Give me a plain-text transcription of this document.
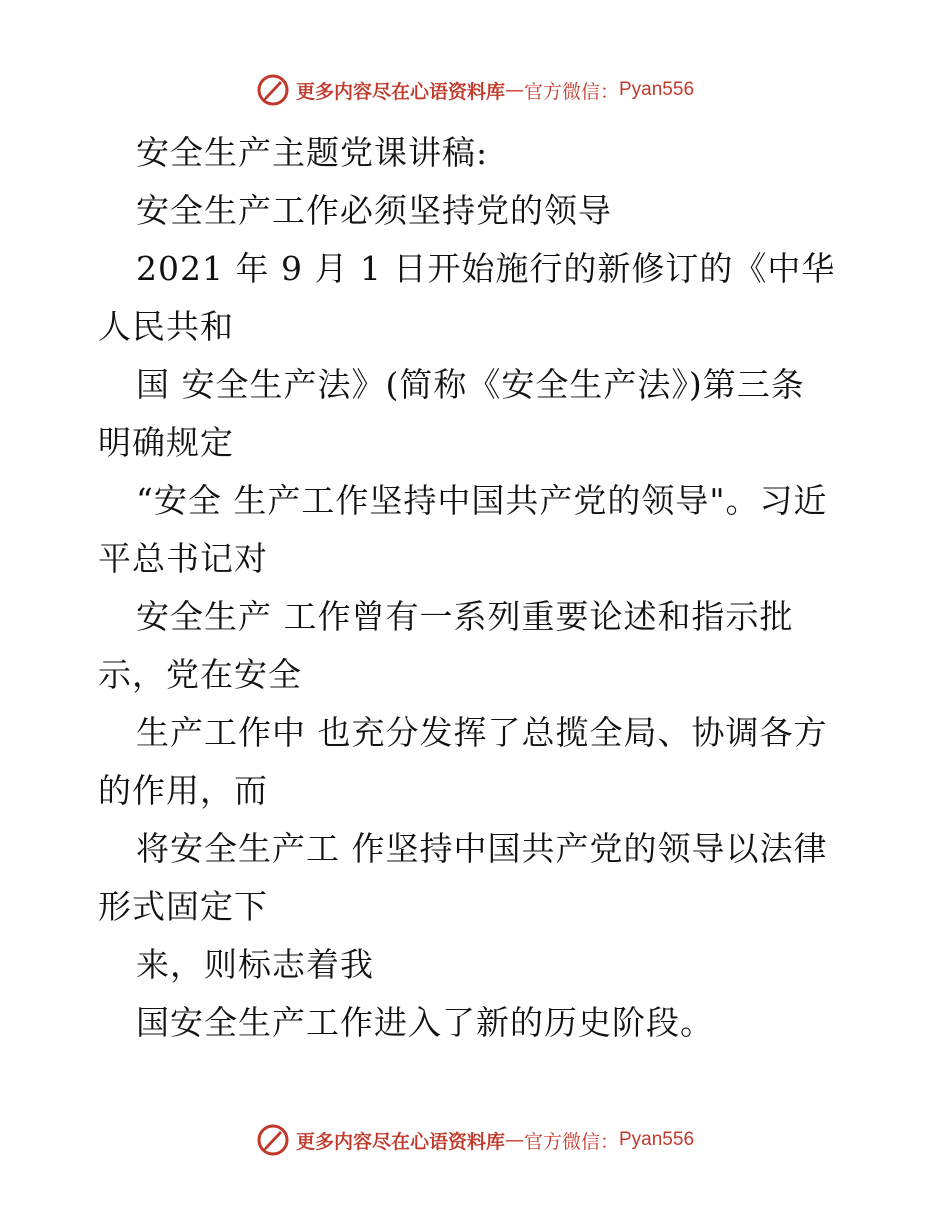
更多内容尽在心语资料库 — 官方微信： Pyan556

安全生产主题党课讲稿:

安全生产工作必须坚持党的领导

2021 年 9 月 1 日开始施行的新修订的《中华
人民共和

国 安全生产法》(简称《安全生产法》)第三条
明确规定

“安全 生产工作坚持中国共产党的领导"。习近
平总书记对

安全生产 工作曾有一系列重要论述和指示批
示，党在安全

生产工作中 也充分发挥了总揽全局、协调各方
的作用，而

将安全生产工 作坚持中国共产党的领导以法律
形式固定下

来，则标志着我

国安全生产工作进入了新的历史阶段。

更多内容尽在心语资料库 — 官方微信： Pyan556
